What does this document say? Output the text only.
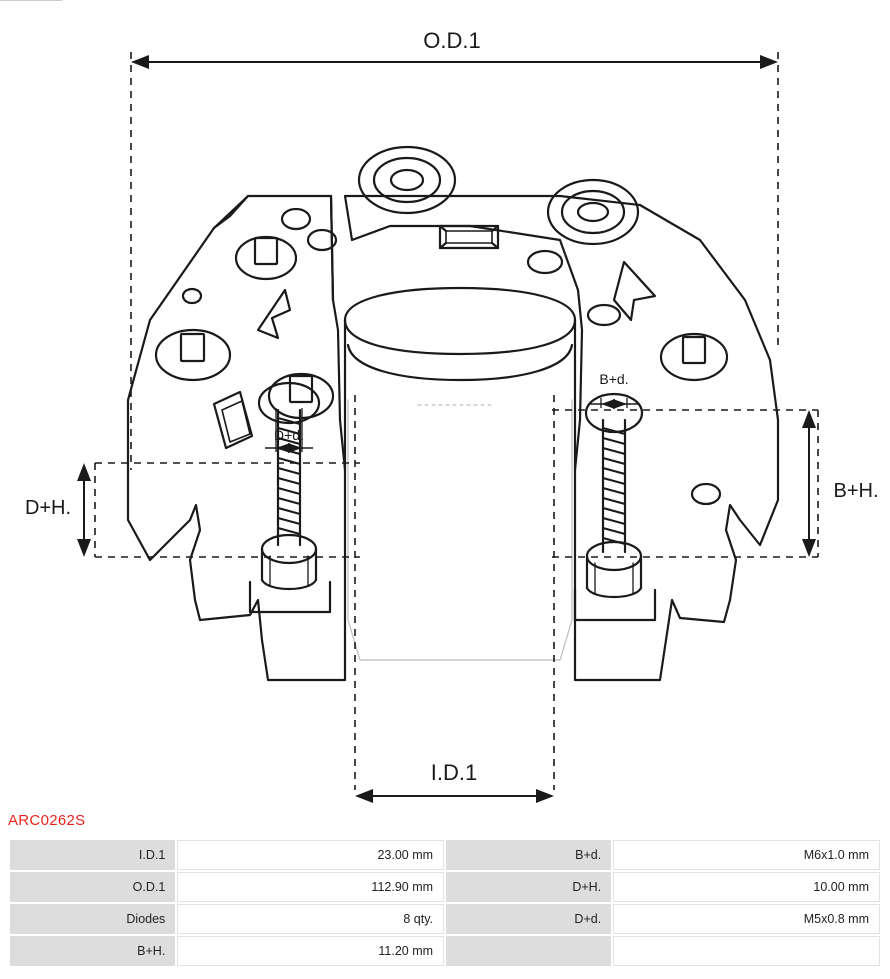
O.D.1
I.D.1
D+H.
B+H.
D+d.
B+d.
ARC0262S
I.D.1	23.00 mm	B+d.	M6x1.0 mm
O.D.1	112.90 mm	D+H.	10.00 mm
Diodes	8 qty.	D+d.	M5x0.8 mm
B+H.	11.20 mm		
